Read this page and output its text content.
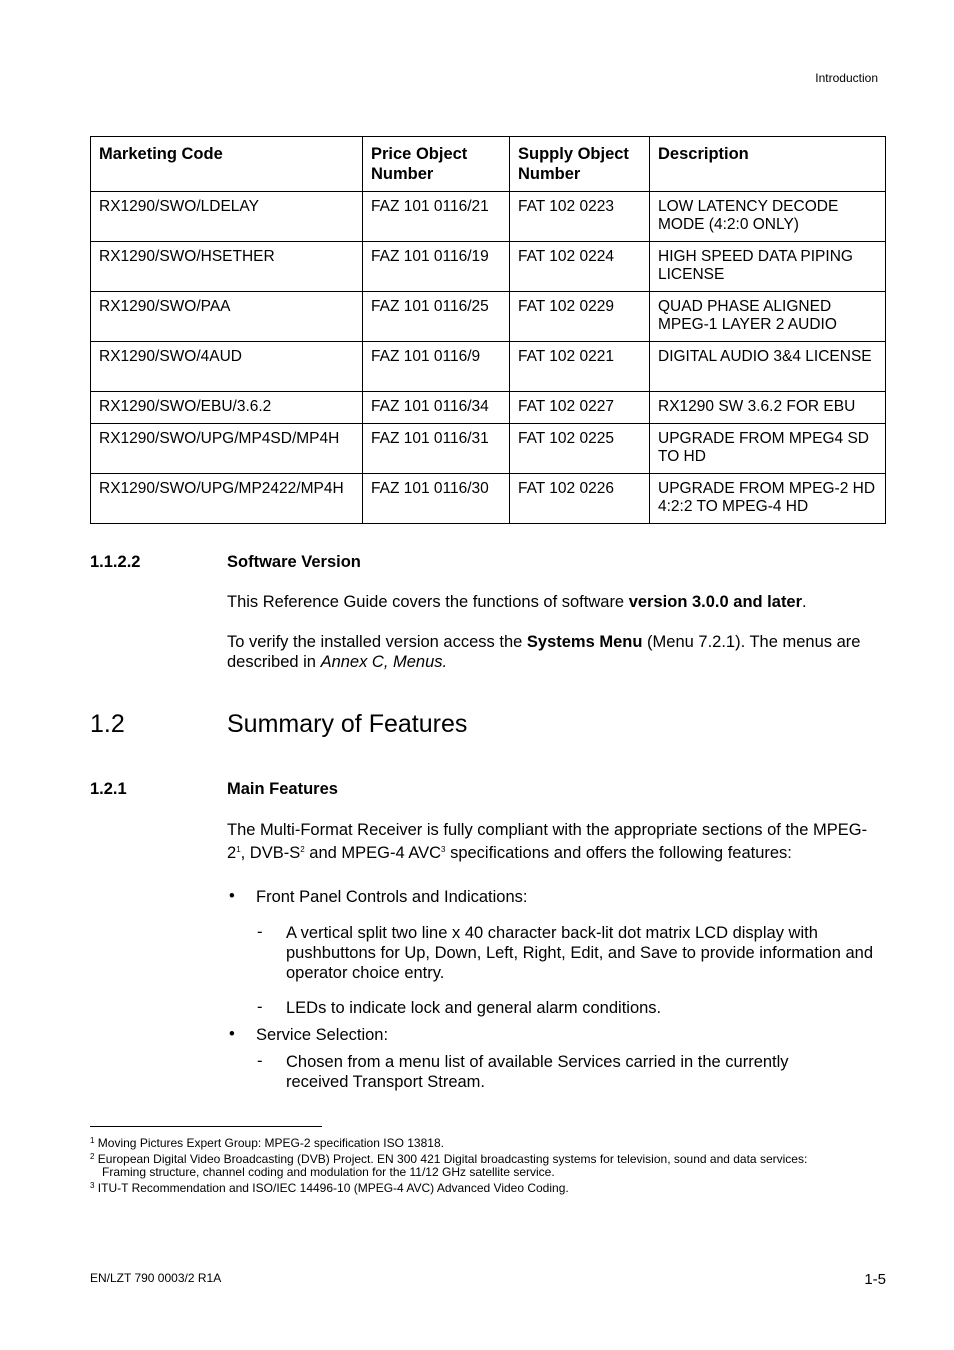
Introduction
Marketing Code	Price Object Number	Supply Object Number	Description
RX1290/SWO/LDELAY	FAZ 101 0116/21	FAT 102 0223	LOW LATENCY DECODE MODE (4:2:0 ONLY)
RX1290/SWO/HSETHER	FAZ 101 0116/19	FAT 102 0224	HIGH SPEED DATA PIPING LICENSE
RX1290/SWO/PAA	FAZ 101 0116/25	FAT 102 0229	QUAD PHASE ALIGNED MPEG-1 LAYER 2 AUDIO
RX1290/SWO/4AUD	FAZ 101 0116/9	FAT 102 0221	DIGITAL AUDIO 3&4 LICENSE
RX1290/SWO/EBU/3.6.2	FAZ 101 0116/34	FAT 102 0227	RX1290 SW 3.6.2 FOR EBU
RX1290/SWO/UPG/MP4SD/MP4H	FAZ 101 0116/31	FAT 102 0225	UPGRADE FROM MPEG4 SD TO HD
RX1290/SWO/UPG/MP2422/MP4H	FAZ 101 0116/30	FAT 102 0226	UPGRADE FROM MPEG-2 HD 4:2:2 TO MPEG-4 HD
1.1.2.2	Software Version
This Reference Guide covers the functions of software version 3.0.0 and later.
To verify the installed version access the Systems Menu (Menu 7.2.1). The menus are described in Annex C, Menus.
1.2	Summary of Features
1.2.1	Main Features
The Multi-Format Receiver is fully compliant with the appropriate sections of the MPEG-2$^1$, DVB-S$^2$ and MPEG-4 AVC$^3$ specifications and offers the following features:
• Front Panel Controls and Indications:
- A vertical split two line x 40 character back-lit dot matrix LCD display with pushbuttons for Up, Down, Left, Right, Edit, and Save to provide information and operator choice entry.
- LEDs to indicate lock and general alarm conditions.
• Service Selection:
- Chosen from a menu list of available Services carried in the currently received Transport Stream.
$^1$ Moving Pictures Expert Group: MPEG-2 specification ISO 13818.
$^2$ European Digital Video Broadcasting (DVB) Project. EN 300 421 Digital broadcasting systems for television, sound and data services:
Framing structure, channel coding and modulation for the 11/12 GHz satellite service.
$^3$ ITU-T Recommendation and ISO/IEC 14496-10 (MPEG-4 AVC) Advanced Video Coding.
EN/LZT 790 0003/2 R1A	1-5
